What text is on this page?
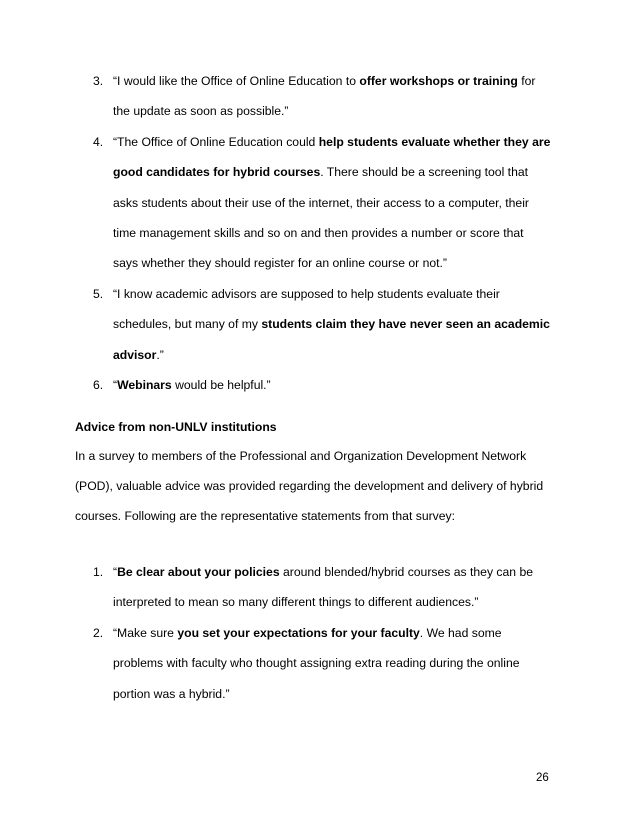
3. “I would like the Office of Online Education to offer workshops or training for
the update as soon as possible.”
4. “The Office of Online Education could help students evaluate whether they are
good candidates for hybrid courses. There should be a screening tool that
asks students about their use of the internet, their access to a computer, their
time management skills and so on and then provides a number or score that
says whether they should register for an online course or not.”
5. “I know academic advisors are supposed to help students evaluate their
schedules, but many of my students claim they have never seen an academic
advisor.”
6. “Webinars would be helpful.”
Advice from non-UNLV institutions
In a survey to members of the Professional and Organization Development Network
(POD), valuable advice was provided regarding the development and delivery of hybrid
courses. Following are the representative statements from that survey:
1. “Be clear about your policies around blended/hybrid courses as they can be
interpreted to mean so many different things to different audiences.”
2. “Make sure you set your expectations for your faculty. We had some
problems with faculty who thought assigning extra reading during the online
portion was a hybrid.”
26
